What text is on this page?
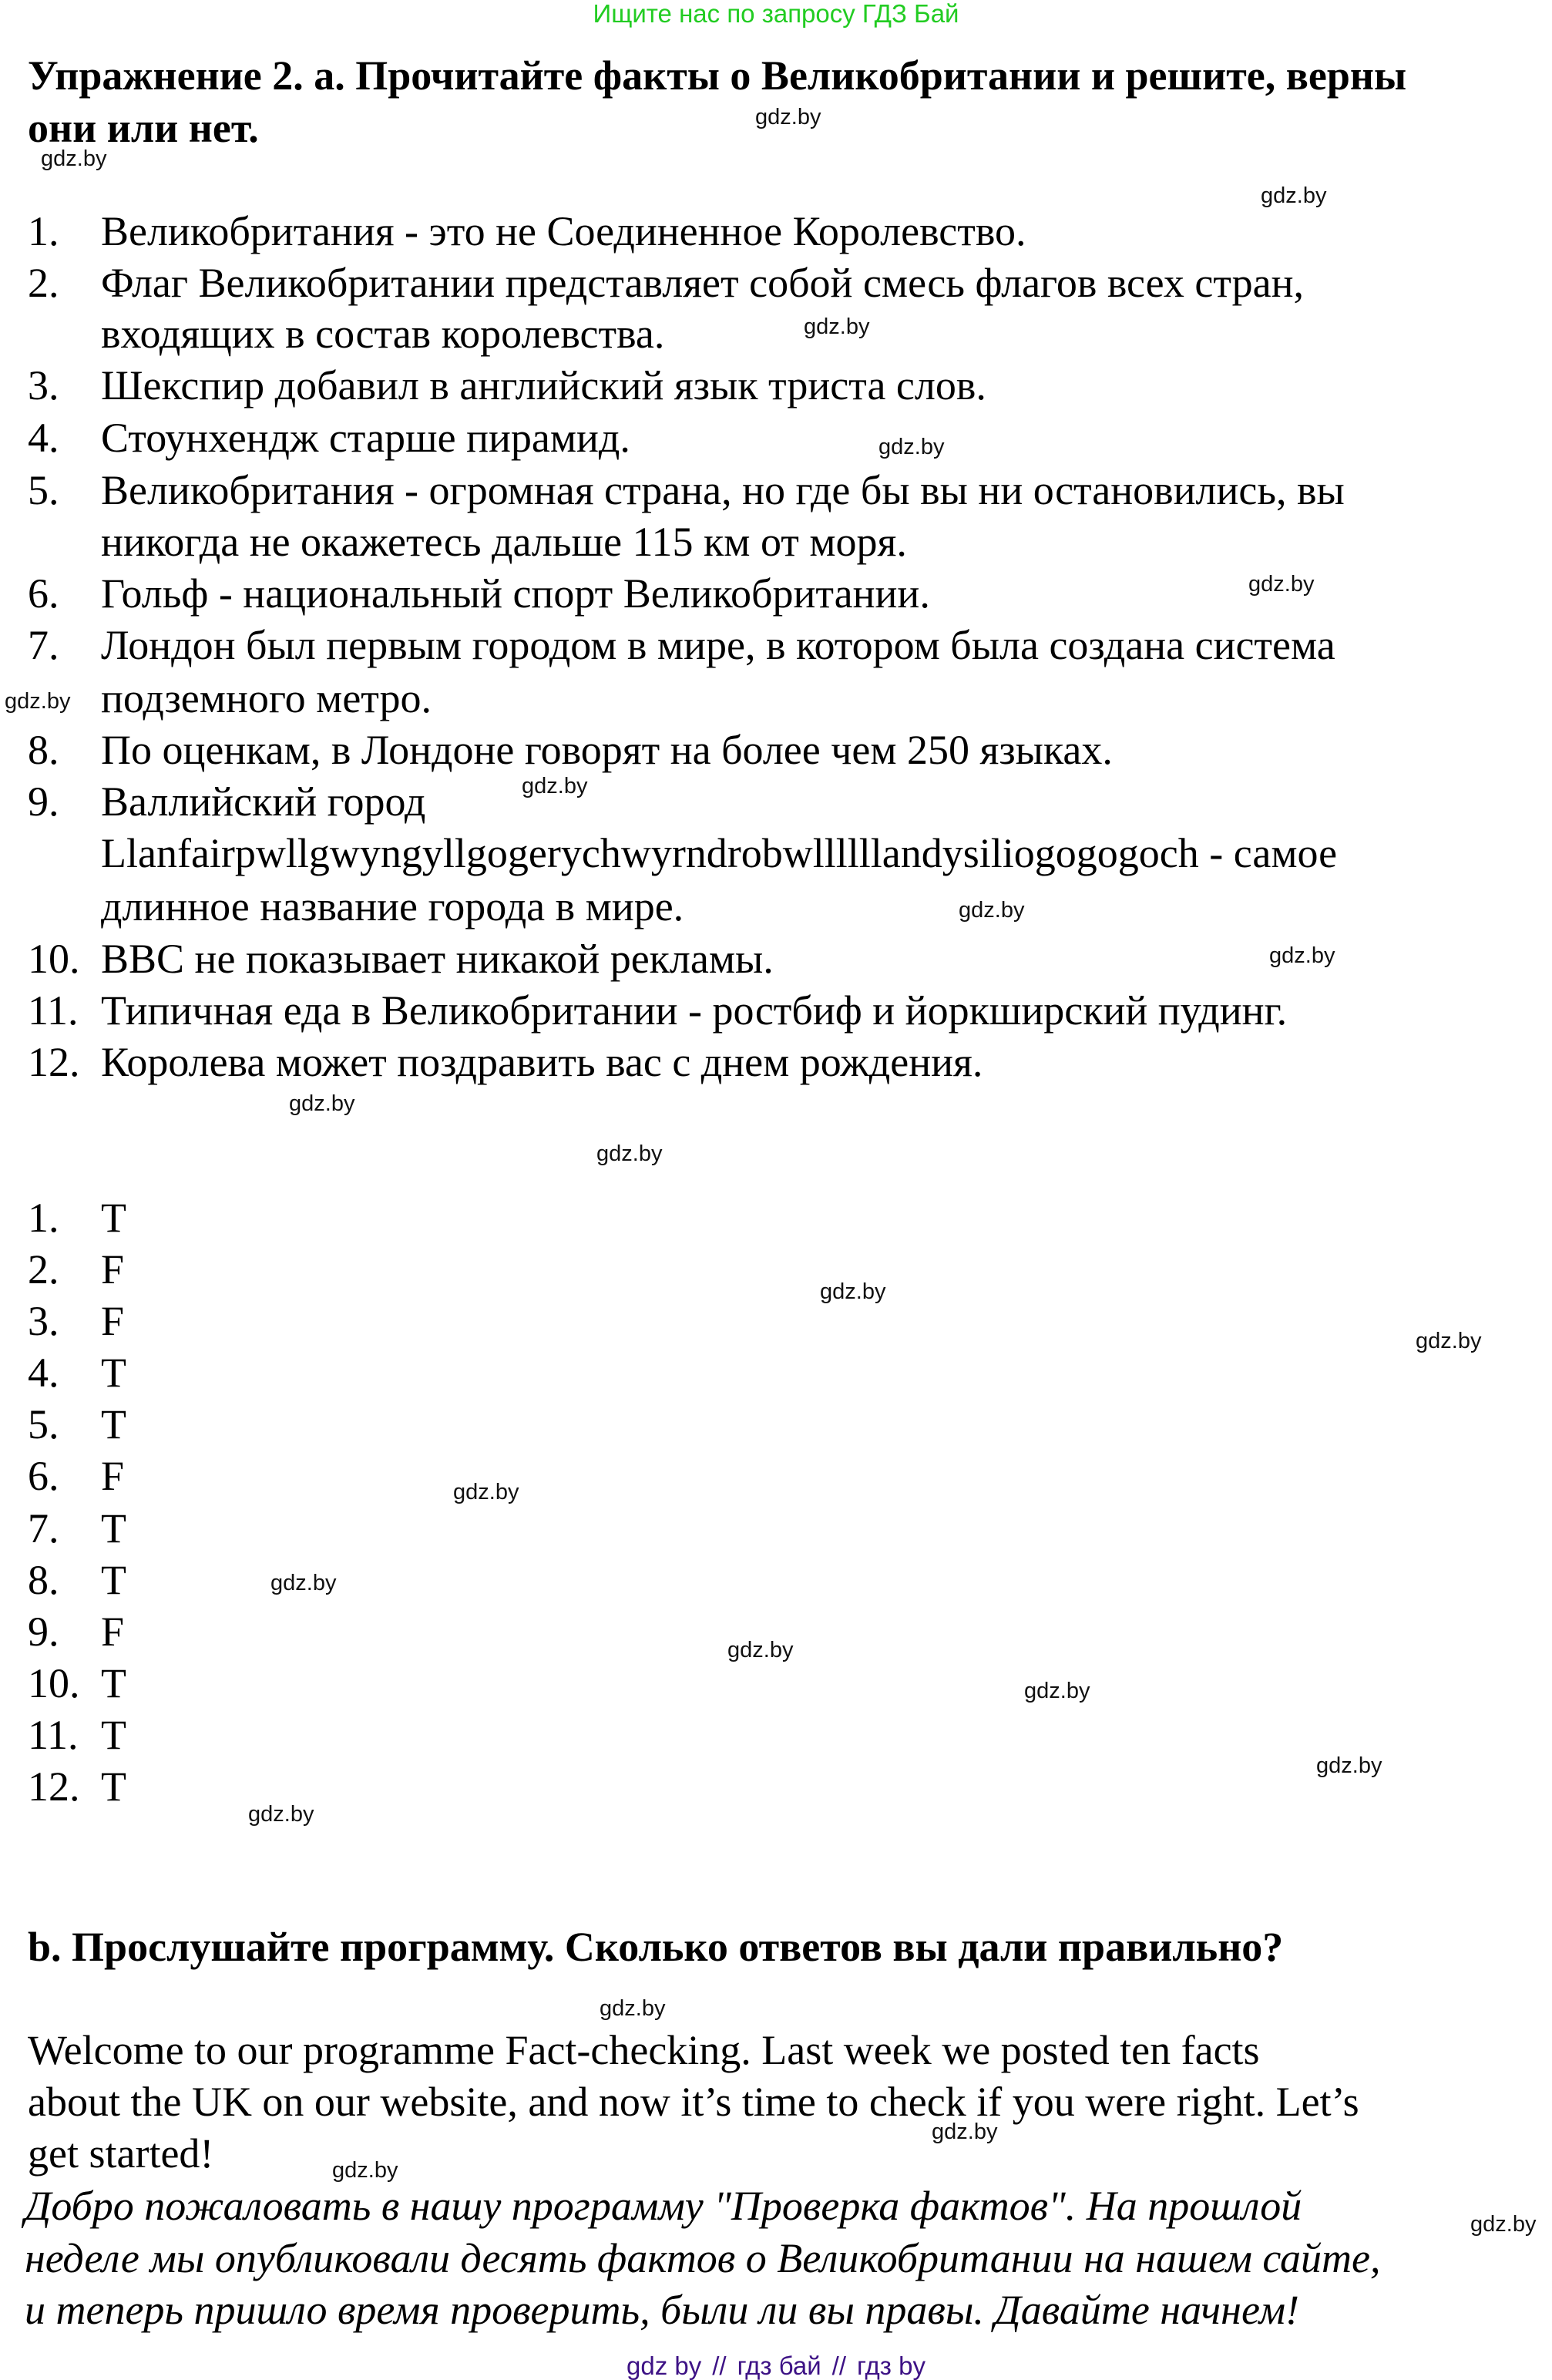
Ищите нас по запросу ГДЗ Бай
Упражнение 2. a. Прочитайте факты о Великобритании и решите, верны
они или нет.
1. Великобритания - это не Соединенное Королевство.
2. Флаг Великобритании представляет собой смесь флагов всех стран,
входящих в состав королевства.
3. Шекспир добавил в английский язык триста слов.
4. Стоунхендж старше пирамид.
5. Великобритания - огромная страна, но где бы вы ни остановились, вы
никогда не окажетесь дальше 115 км от моря.
6. Гольф - национальный спорт Великобритании.
7. Лондон был первым городом в мире, в котором была создана система
подземного метро.
8. По оценкам, в Лондоне говорят на более чем 250 языках.
9. Валлийский город
Llanfairpwllgwyngyllgogerychwyrndrobwllllllandysiliogogogoch - самое
длинное название города в мире.
10. BBC не показывает никакой рекламы.
11. Типичная еда в Великобритании - ростбиф и йоркширский пудинг.
12. Королева может поздравить вас с днем рождения.
1. T
2. F
3. F
4. T
5. T
6. F
7. T
8. T
9. F
10. T
11. T
12. T
b. Прослушайте программу. Сколько ответов вы дали правильно?
Welcome to our programme Fact-checking. Last week we posted ten facts
about the UK on our website, and now it’s time to check if you were right. Let’s
get started!
Добро пожаловать в нашу программу "Проверка фактов". На прошлой
неделе мы опубликовали десять фактов о Великобритании на нашем сайте,
и теперь пришло время проверить, были ли вы правы. Давайте начнем!
gdz.by
gdz.by
gdz.by
gdz.by
gdz.by
gdz.by
gdz.by
gdz.by
gdz.by
gdz.by
gdz.by
gdz.by
gdz.by
gdz.by
gdz.by
gdz.by
gdz.by
gdz.by
gdz.by
gdz.by
gdz.by
gdz.by
gdz.by
gdz.by
gdz by // гдз бай // гдз by
